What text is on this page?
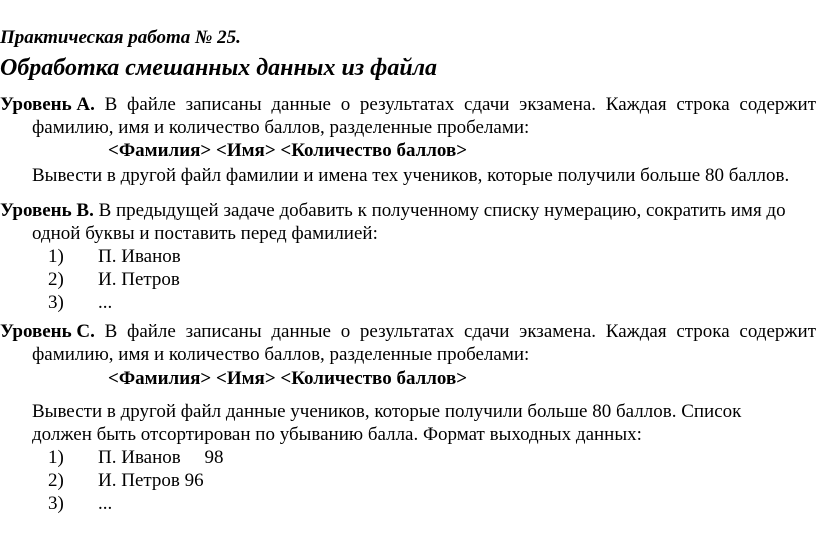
Практическая работа № 25.
Обработка смешанных данных из файла
Уровень А. В файле записаны данные о результатах сдачи экзамена. Каждая строка содержит
фамилию, имя и количество баллов, разделенные пробелами:
<Фамилия> <Имя> <Количество баллов>
Вывести в другой файл фамилии и имена тех учеников, которые получили больше 80 баллов.
Уровень В. В предыдущей задаче добавить к полученному списку нумерацию, сократить имя до
одной буквы и поставить перед фамилией:
1) П. Иванов
2) И. Петров
3) ...
Уровень С. В файле записаны данные о результатах сдачи экзамена. Каждая строка содержит
фамилию, имя и количество баллов, разделенные пробелами:
<Фамилия> <Имя> <Количество баллов>
Вывести в другой файл данные учеников, которые получили больше 80 баллов. Список
должен быть отсортирован по убыванию балла. Формат выходных данных:
1) П. Иванов     98
2) И. Петров 96
3) ...
